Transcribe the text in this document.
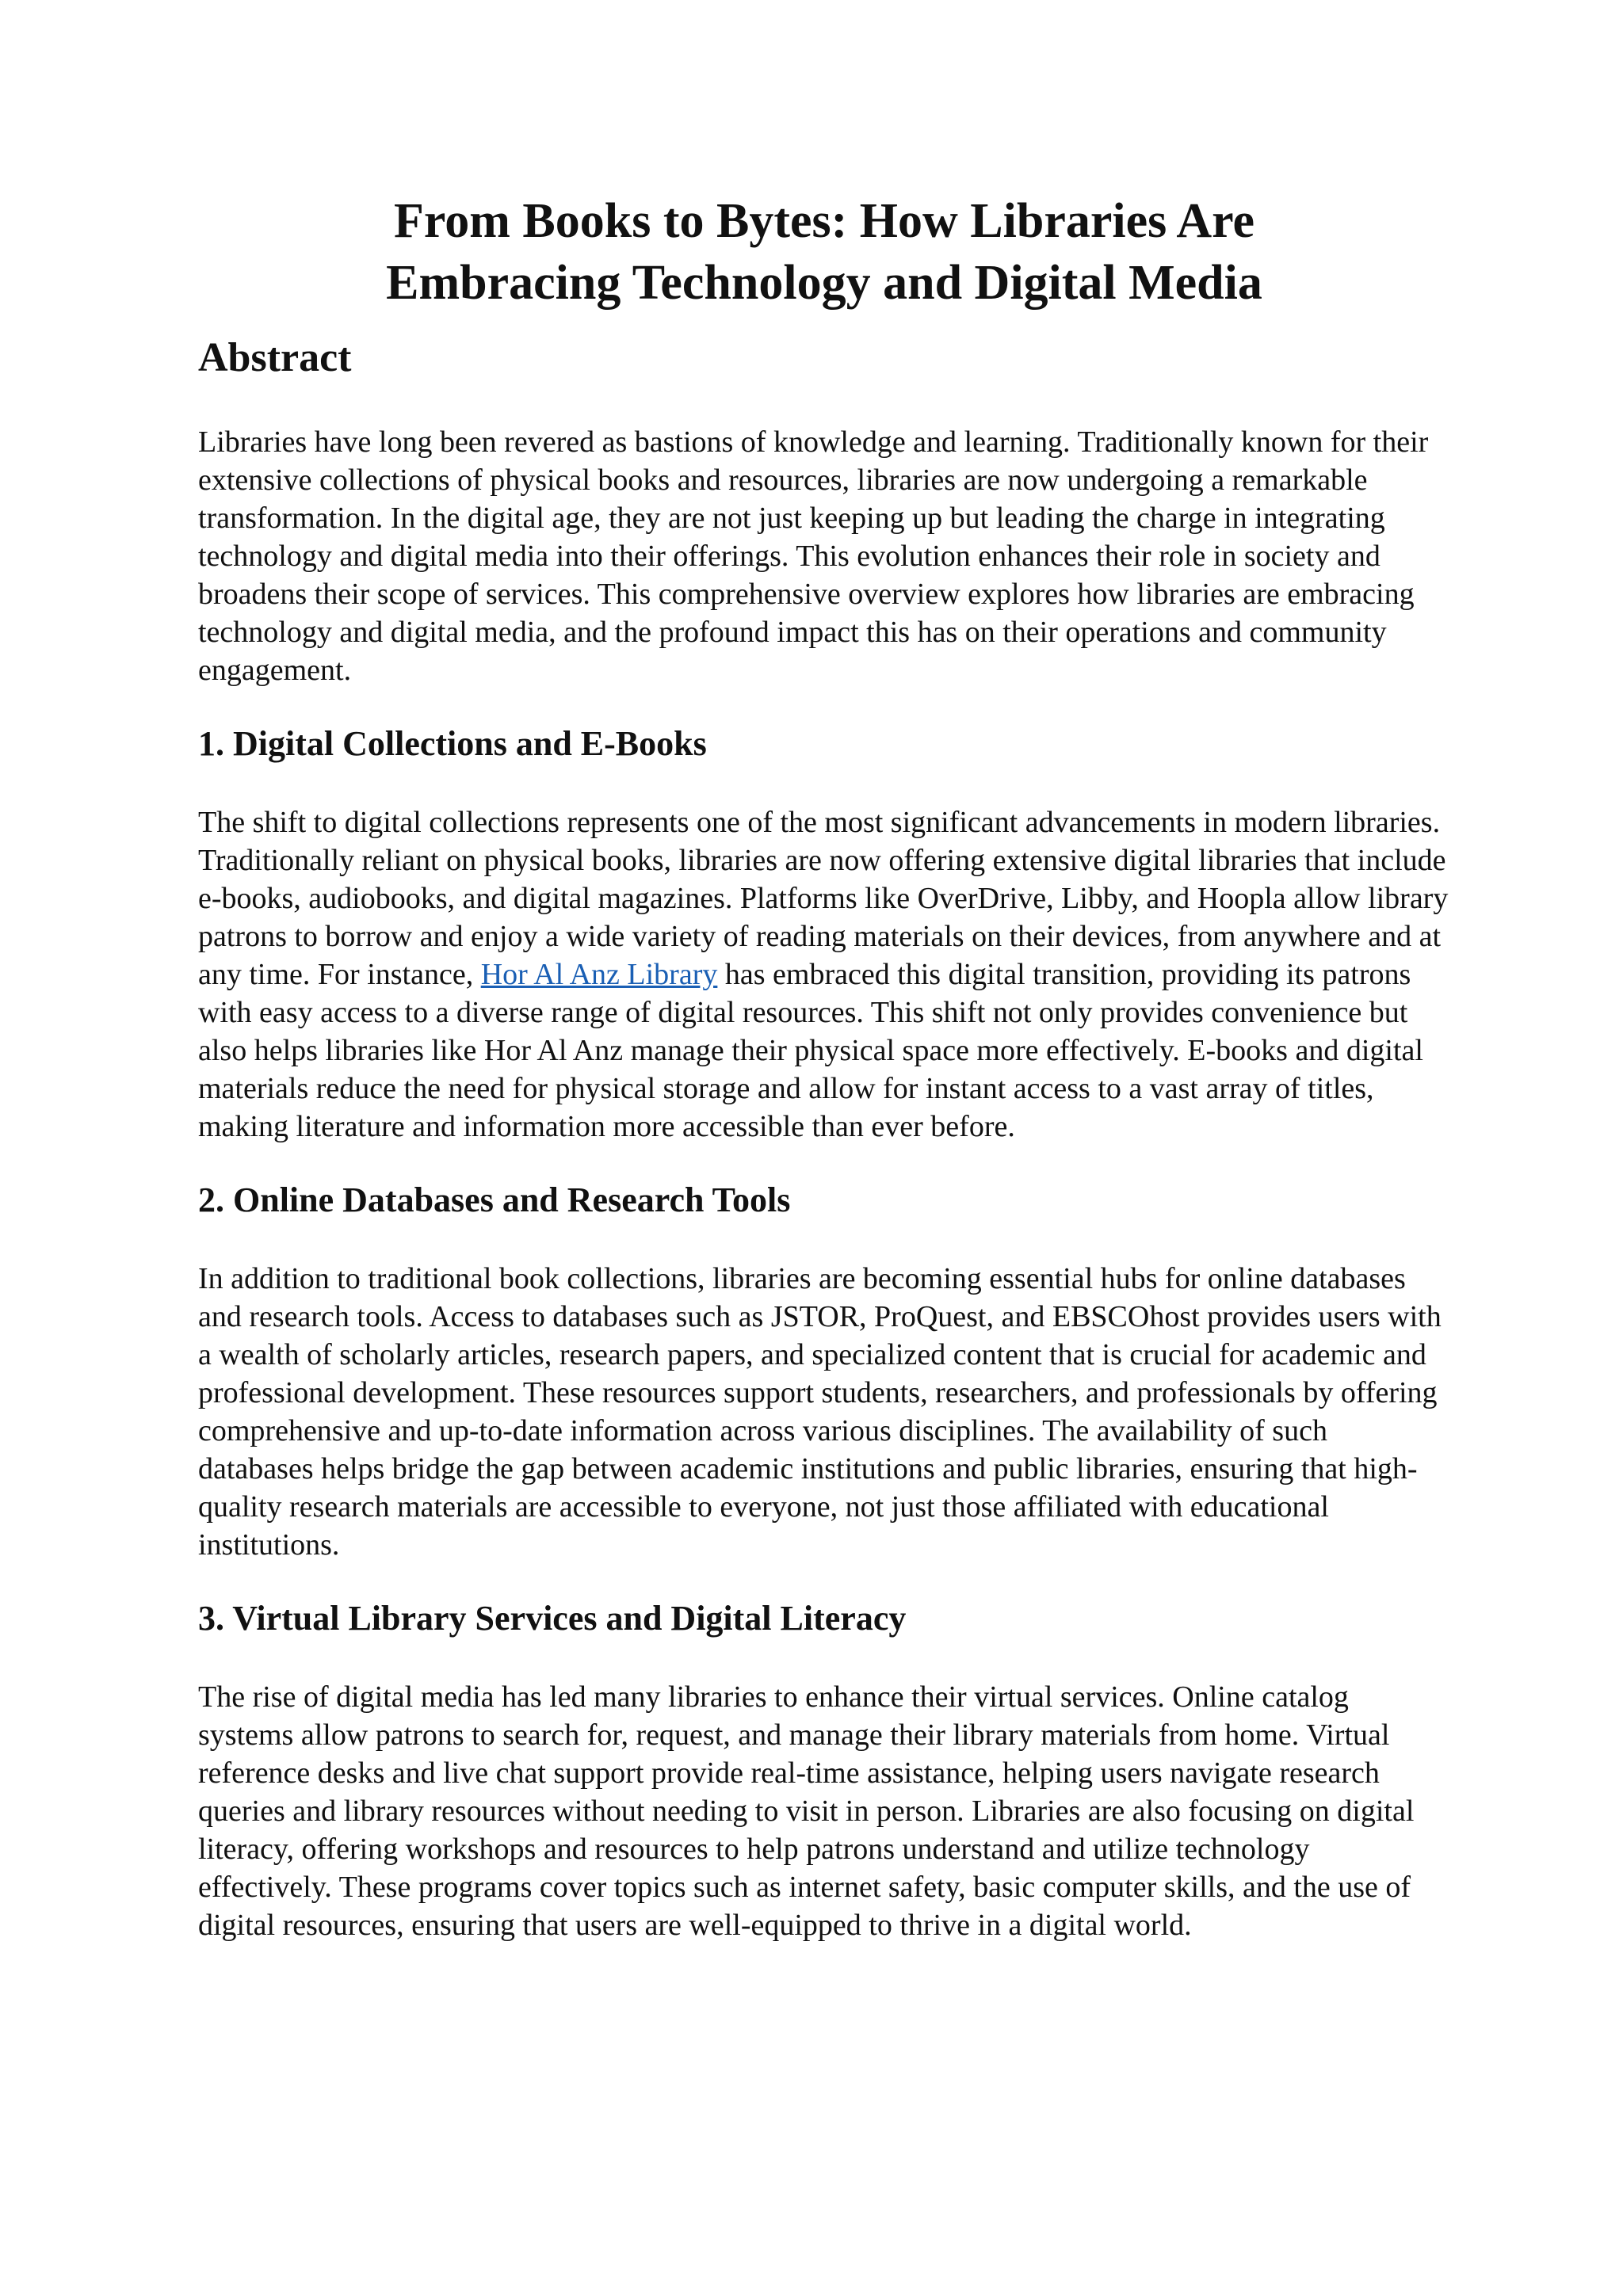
From Books to Bytes: How Libraries Are
Embracing Technology and Digital Media
Abstract

Libraries have long been revered as bastions of knowledge and learning. Traditionally known for their extensive collections of physical books and resources, libraries are now undergoing a remarkable transformation. In the digital age, they are not just keeping up but leading the charge in integrating technology and digital media into their offerings. This evolution enhances their role in society and broadens their scope of services. This comprehensive overview explores how libraries are embracing technology and digital media, and the profound impact this has on their operations and community engagement.

1. Digital Collections and E-Books

The shift to digital collections represents one of the most significant advancements in modern libraries. Traditionally reliant on physical books, libraries are now offering extensive digital libraries that include e-books, audiobooks, and digital magazines. Platforms like OverDrive, Libby, and Hoopla allow library patrons to borrow and enjoy a wide variety of reading materials on their devices, from anywhere and at any time. For instance, Hor Al Anz Library has embraced this digital transition, providing its patrons with easy access to a diverse range of digital resources. This shift not only provides convenience but also helps libraries like Hor Al Anz manage their physical space more effectively. E-books and digital materials reduce the need for physical storage and allow for instant access to a vast array of titles, making literature and information more accessible than ever before.

2. Online Databases and Research Tools

In addition to traditional book collections, libraries are becoming essential hubs for online databases and research tools. Access to databases such as JSTOR, ProQuest, and EBSCOhost provides users with a wealth of scholarly articles, research papers, and specialized content that is crucial for academic and professional development. These resources support students, researchers, and professionals by offering comprehensive and up-to-date information across various disciplines. The availability of such databases helps bridge the gap between academic institutions and public libraries, ensuring that high-quality research materials are accessible to everyone, not just those affiliated with educational institutions.

3. Virtual Library Services and Digital Literacy

The rise of digital media has led many libraries to enhance their virtual services. Online catalog systems allow patrons to search for, request, and manage their library materials from home. Virtual reference desks and live chat support provide real-time assistance, helping users navigate research queries and library resources without needing to visit in person. Libraries are also focusing on digital literacy, offering workshops and resources to help patrons understand and utilize technology effectively. These programs cover topics such as internet safety, basic computer skills, and the use of digital resources, ensuring that users are well-equipped to thrive in a digital world.
